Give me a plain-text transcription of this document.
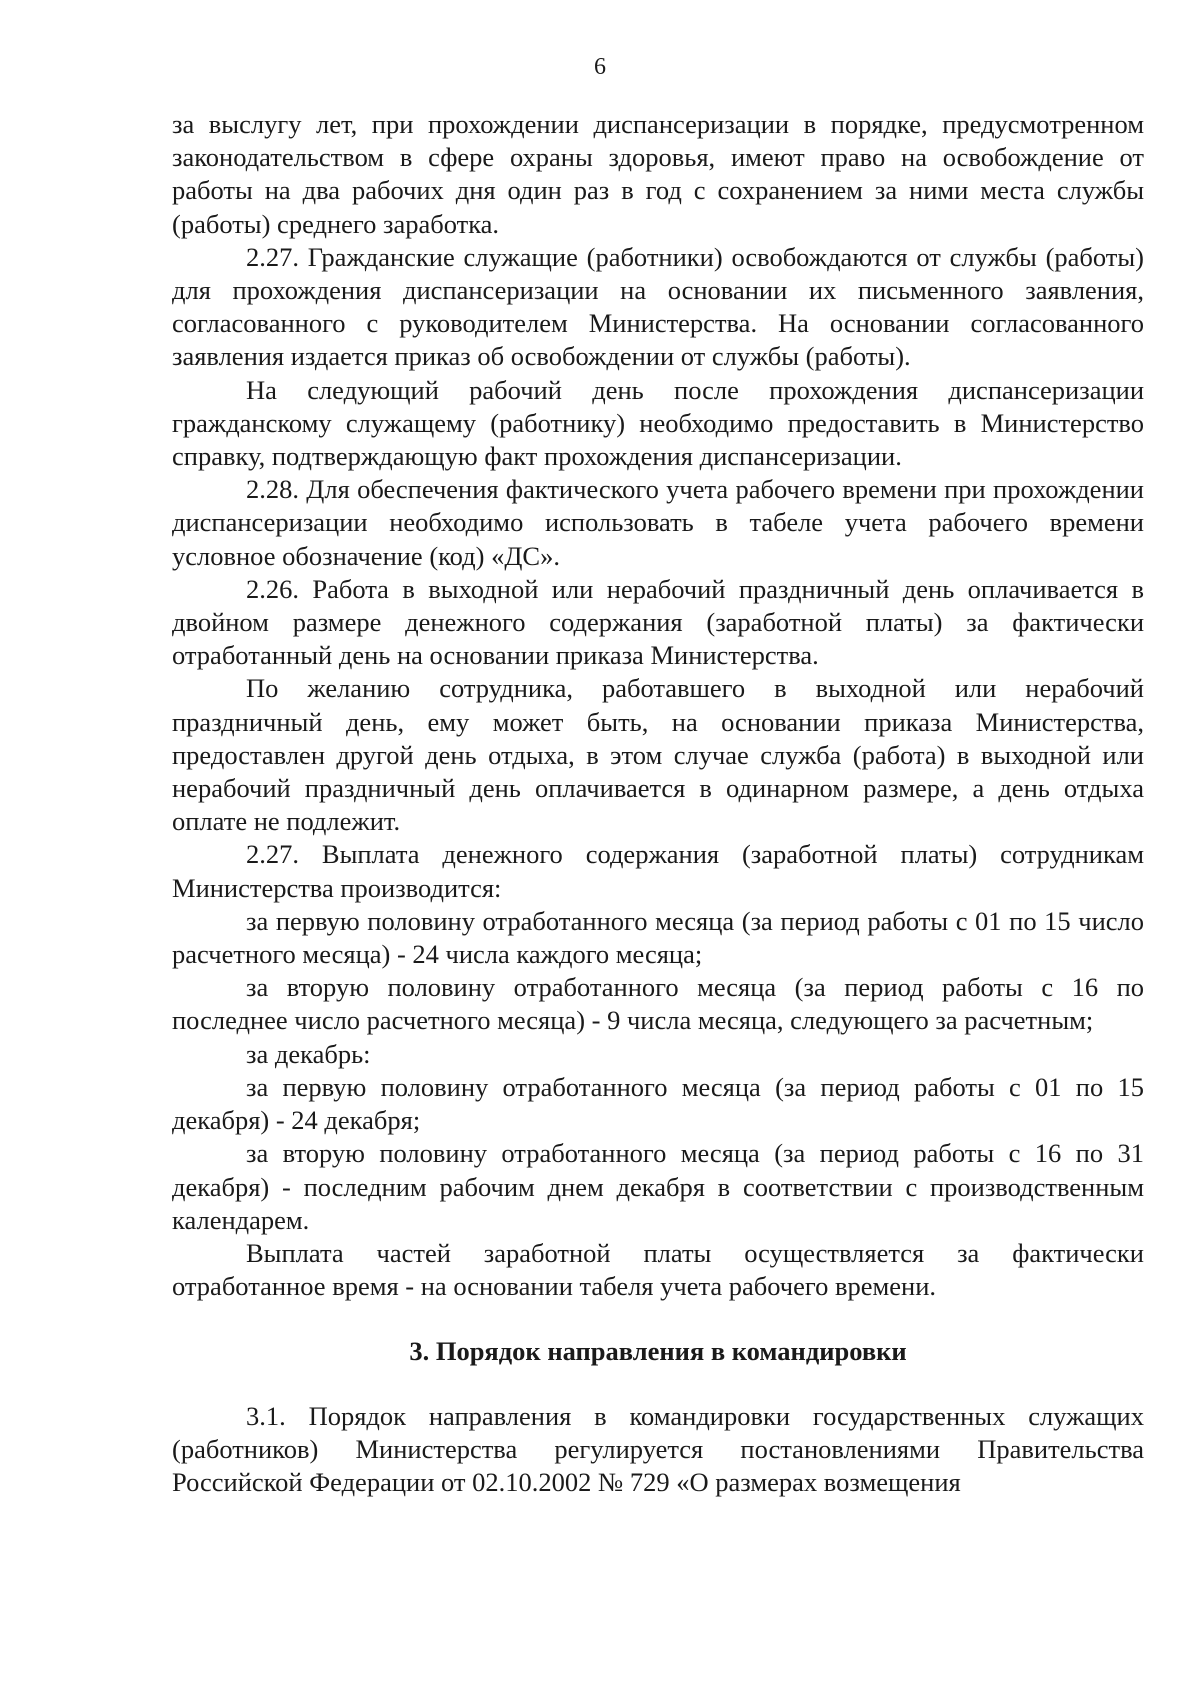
6

за выслугу лет, при прохождении диспансеризации в порядке, предусмотренном законодательством в сфере охраны здоровья, имеют право на освобождение от работы на два рабочих дня один раз в год с сохранением за ними места службы (работы) среднего заработка.

2.27. Гражданские служащие (работники) освобождаются от службы (работы) для прохождения диспансеризации на основании их письменного заявления, согласованного с руководителем Министерства. На основании согласованного заявления издается приказ об освобождении от службы (работы).

На следующий рабочий день после прохождения диспансеризации гражданскому служащему (работнику) необходимо предоставить в Министерство справку, подтверждающую факт прохождения диспансеризации.

2.28. Для обеспечения фактического учета рабочего времени при прохождении диспансеризации необходимо использовать в табеле учета рабочего времени условное обозначение (код) «ДС».

2.26. Работа в выходной или нерабочий праздничный день оплачивается в двойном размере денежного содержания (заработной платы) за фактически отработанный день на основании приказа Министерства.

По желанию сотрудника, работавшего в выходной или нерабочий праздничный день, ему может быть, на основании приказа Министерства, предоставлен другой день отдыха, в этом случае служба (работа) в выходной или нерабочий праздничный день оплачивается в одинарном размере, а день отдыха оплате не подлежит.

2.27. Выплата денежного содержания (заработной платы) сотрудникам Министерства производится:

за первую половину отработанного месяца (за период работы с 01 по 15 число расчетного месяца) - 24 числа каждого месяца;

за вторую половину отработанного месяца (за период работы с 16 по последнее число расчетного месяца) - 9 числа месяца, следующего за расчетным;

за декабрь:

за первую половину отработанного месяца (за период работы с 01 по 15 декабря) - 24 декабря;

за вторую половину отработанного месяца (за период работы с 16 по 31 декабря) - последним рабочим днем декабря в соответствии с производственным календарем.

Выплата частей заработной платы осуществляется за фактически отработанное время - на основании табеля учета рабочего времени.

3. Порядок направления в командировки

3.1. Порядок направления в командировки государственных служащих (работников) Министерства регулируется постановлениями Правительства Российской Федерации от 02.10.2002 № 729 «О размерах возмещения
